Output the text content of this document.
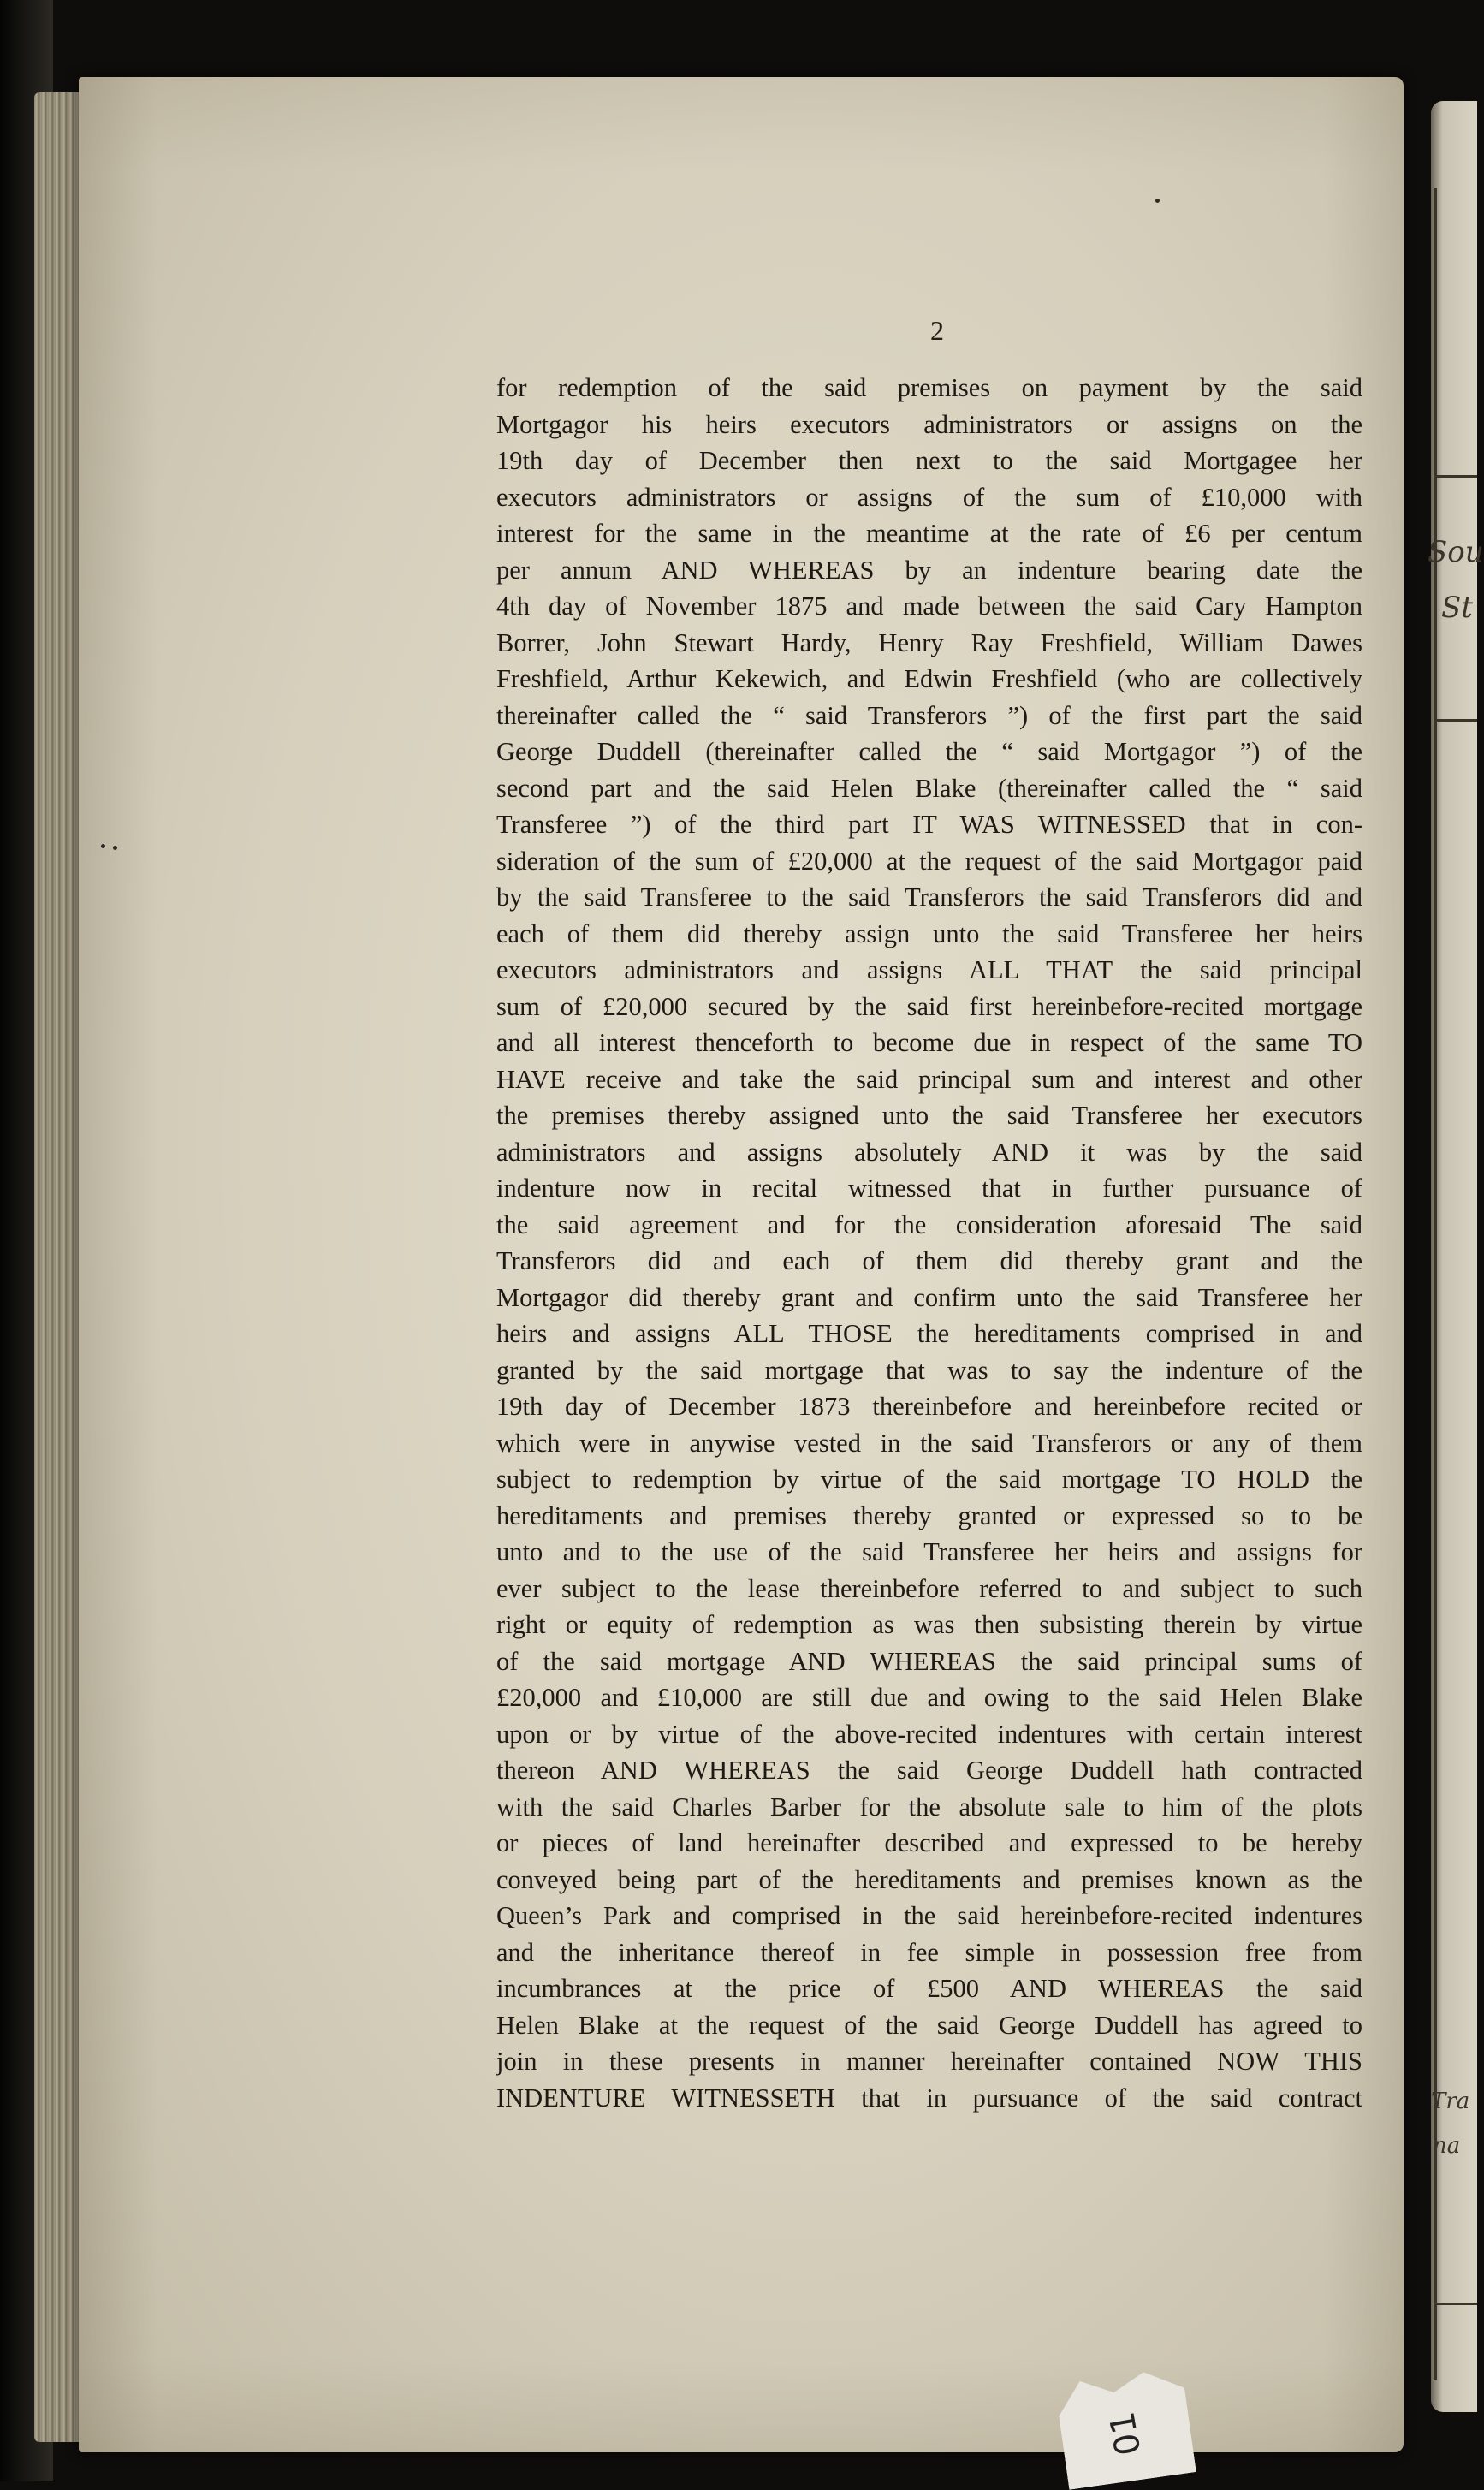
Sou
St
Tra
na
2
for redemption of the said premises on payment by the said
Mortgagor his heirs executors administrators or assigns on the
19th day of December then next to the said Mortgagee her
executors administrators or assigns of the sum of £10,000 with
interest for the same in the meantime at the rate of £6 per centum
per annum AND WHEREAS by an indenture bearing date the
4th day of November 1875 and made between the said Cary Hampton
Borrer, John Stewart Hardy, Henry Ray Freshfield, William Dawes
Freshfield, Arthur Kekewich, and Edwin Freshfield (who are collectively
thereinafter called the “ said Transferors ”) of the first part the said
George Duddell (thereinafter called the “ said Mortgagor ”) of the
second part and the said Helen Blake (thereinafter called the “ said
Transferee ”) of the third part IT WAS WITNESSED that in con-
sideration of the sum of £20,000 at the request of the said Mortgagor paid
by the said Transferee to the said Transferors the said Transferors did and
each of them did thereby assign unto the said Transferee her heirs
executors administrators and assigns ALL THAT the said principal
sum of £20,000 secured by the said first hereinbefore-recited mortgage
and all interest thenceforth to become due in respect of the same TO
HAVE receive and take the said principal sum and interest and other
the premises thereby assigned unto the said Transferee her executors
administrators and assigns absolutely AND it was by the said
indenture now in recital witnessed that in further pursuance of
the said agreement and for the consideration aforesaid The said
Transferors did and each of them did thereby grant and the
Mortgagor did thereby grant and confirm unto the said Transferee her
heirs and assigns ALL THOSE the hereditaments comprised in and
granted by the said mortgage that was to say the indenture of the
19th day of December 1873 thereinbefore and hereinbefore recited or
which were in anywise vested in the said Transferors or any of them
subject to redemption by virtue of the said mortgage TO HOLD the
hereditaments and premises thereby granted or expressed so to be
unto and to the use of the said Transferee her heirs and assigns for
ever subject to the lease thereinbefore referred to and subject to such
right or equity of redemption as was then subsisting therein by virtue
of the said mortgage AND WHEREAS the said principal sums of
£20,000 and £10,000 are still due and owing to the said Helen Blake
upon or by virtue of the above-recited indentures with certain interest
thereon AND WHEREAS the said George Duddell hath contracted
with the said Charles Barber for the absolute sale to him of the plots
or pieces of land hereinafter described and expressed to be hereby
conveyed being part of the hereditaments and premises known as the
Queen’s Park and comprised in the said hereinbefore-recited indentures
and the inheritance thereof in fee simple in possession free from
incumbrances at the price of £500 AND WHEREAS the said
Helen Blake at the request of the said George Duddell has agreed to
join in these presents in manner hereinafter contained NOW THIS
INDENTURE WITNESSETH that in pursuance of the said contract
01
